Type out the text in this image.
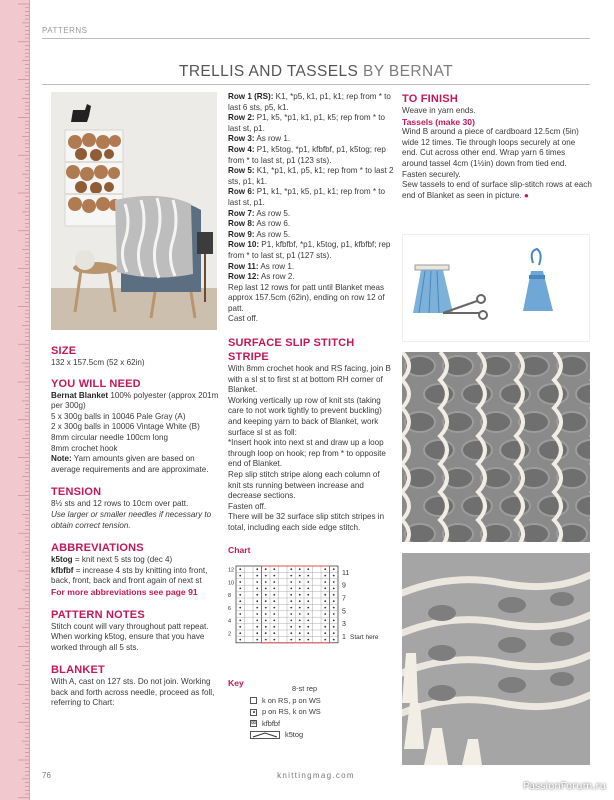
PATTERNS
TRELLIS AND TASSELS BY BERNAT
SIZE

132 x 157.5cm (52 x 62in)

YOU WILL NEED

Bernat Blanket 100% polyester (approx 201m per 300g)

5 x 300g balls in 10046 Pale Gray (A)

2 x 300g balls in 10006 Vintage White (B)

8mm circular needle 100cm long

8mm crochet hook

Note: Yarn amounts given are based on average requirements and are approximate.

TENSION

8½ sts and 12 rows to 10cm over patt.

Use larger or smaller needles if necessary to obtain correct tension.

ABBREVIATIONS

k5tog = knit next 5 sts tog (dec 4)

kfbfbf = increase 4 sts by knitting into front, back, front, back and front again of next st

For more abbreviations see page 91

PATTERN NOTES

Stitch count will vary throughout patt repeat.

When working k5tog, ensure that you have worked through all 5 sts.

BLANKET

With A, cast on 127 sts. Do not join. Working back and forth across needle, proceed as foll, referring to Chart:

Row 1 (RS): K1, *p5, k1, p1, k1; rep from * to last 6 sts, p5, k1.

Row 2: P1, k5, *p1, k1, p1, k5; rep from * to last st, p1.

Row 3: As row 1.

Row 4: P1, k5tog, *p1, kfbfbf, p1, k5tog; rep from * to last st, p1 (123 sts).

Row 5: K1, *p1, k1, p5, k1; rep from * to last 2 sts, p1, k1.

Row 6: P1, k1, *p1, k5, p1, k1; rep from * to last st, p1.

Row 7: As row 5.

Row 8: As row 6.

Row 9: As row 5.

Row 10: P1, kfbfbf, *p1, k5tog, p1, kfbfbf; rep from * to last st, p1 (127 sts).

Row 11: As row 1.

Row 12: As row 2.

Rep last 12 rows for patt until Blanket meas approx 157.5cm (62in), ending on row 12 of patt.

Cast off.

SURFACE SLIP STITCH STRIPE

With 8mm crochet hook and RS facing, join B with a sl st to first st at bottom RH corner of Blanket.

Working vertically up row of knit sts (taking care to not work tightly to prevent buckling) and keeping yarn to back of Blanket, work surface sl st as foll:

*Insert hook into next st and draw up a loop through loop on hook; rep from * to opposite end of Blanket.

Rep slip stitch stripe along each column of knit sts running between increase and decrease sections.

Fasten off.

There will be 32 surface slip stitch stripes in total, including each side edge stitch.

Chart
11
9
7
5
3
1 Start here
12
10
8
6
4
2
8-st rep
Key
k on RS, p on WS
p on RS, k on WS
⊠ kfbfbf
k5tog
TO FINISH

Weave in yarn ends.

Tassels (make 30)

Wind B around a piece of cardboard 12.5cm (5in) wide 12 times. Tie through loops securely at one end. Cut across other end. Wrap yarn 6 times around tassel 4cm (1½in) down from tied end. Fasten securely.

Sew tassels to end of surface slip-stitch rows at each end of Blanket as seen in picture. ●

76	knittingmag.com
PassionForum.ru
